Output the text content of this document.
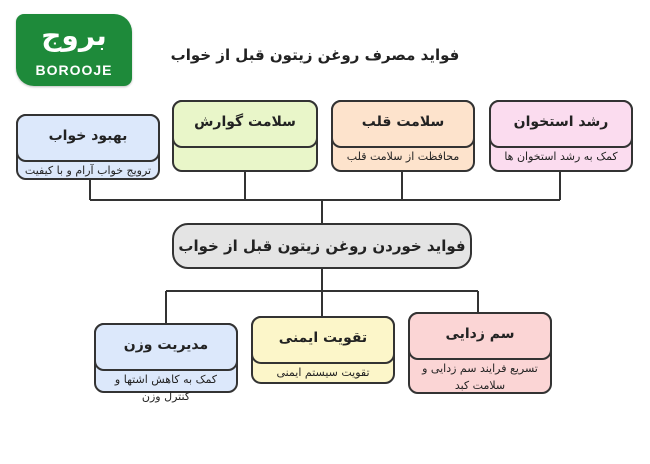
بروج
BOROOJE
فواید مصرف روغن زیتون قبل از خواب
بهبود خواب
ترویج خواب آرام و با کیفیت
سلامت گوارش	سلامت قلب
محافظت از سلامت قلب
رشد استخوان
کمک به رشد استخوان ها
فواید خوردن روغن زیتون قبل از خواب
مدیریت وزن
کمک به کاهش اشتها و کنترل وزن
تقویت ایمنی
تقویت سیستم ایمنی
سم زدایی
تسریع فرایند سم زدایی و سلامت کبد
